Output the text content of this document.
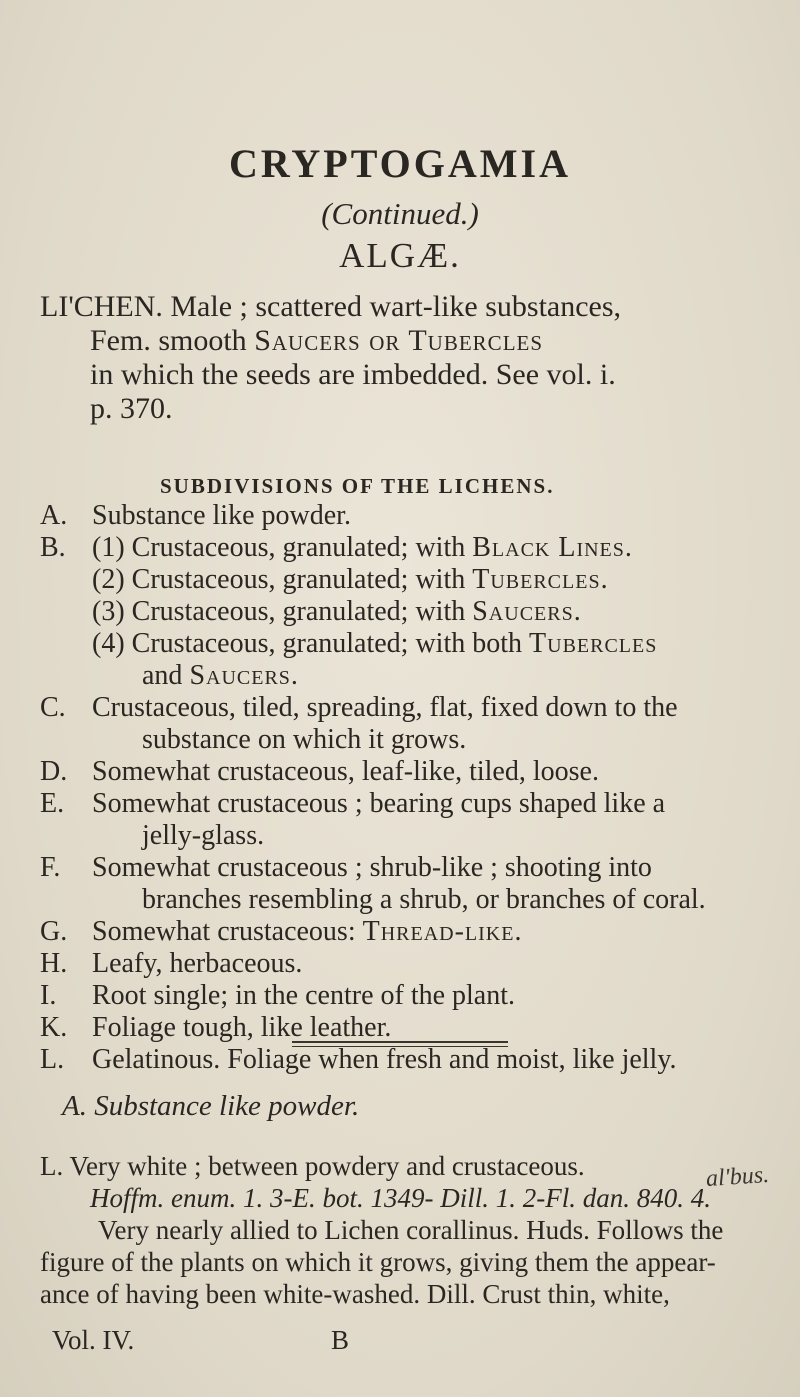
CRYPTOGAMIA
(Continued.)
ALGÆ.
LI'CHEN. Male ; scattered wart-like substances,
Fem. smooth Saucers or Tubercles
in which the seeds are imbedded. See vol. i.
p. 370.
SUBDIVISIONS OF THE LICHENS.
A. Substance like powder.
B. (1) Crustaceous, granulated; with Black Lines.
(2) Crustaceous, granulated; with Tubercles.
(3) Crustaceous, granulated; with Saucers.
(4) Crustaceous, granulated; with both Tubercles
and Saucers.
C. Crustaceous, tiled, spreading, flat, fixed down to the
substance on which it grows.
D. Somewhat crustaceous, leaf-like, tiled, loose.
E. Somewhat crustaceous ; bearing cups shaped like a
jelly-glass.
F. Somewhat crustaceous ; shrub-like ; shooting into
branches resembling a shrub, or branches of coral.
G. Somewhat crustaceous: Thread-like.
H. Leafy, herbaceous.
I. Root single; in the centre of the plant.
K. Foliage tough, like leather.
L. Gelatinous. Foliage when fresh and moist, like jelly.
A. Substance like powder.
L. Very white ; between powdery and crustaceous.
Hoffm. enum. 1. 3-E. bot. 1349- Dill. 1. 2-Fl. dan. 840. 4.
Very nearly allied to Lichen corallinus. Huds. Follows the
figure of the plants on which it grows, giving them the appear-
ance of having been white-washed. Dill. Crust thin, white,
al'bus.
Vol. IV.	B
